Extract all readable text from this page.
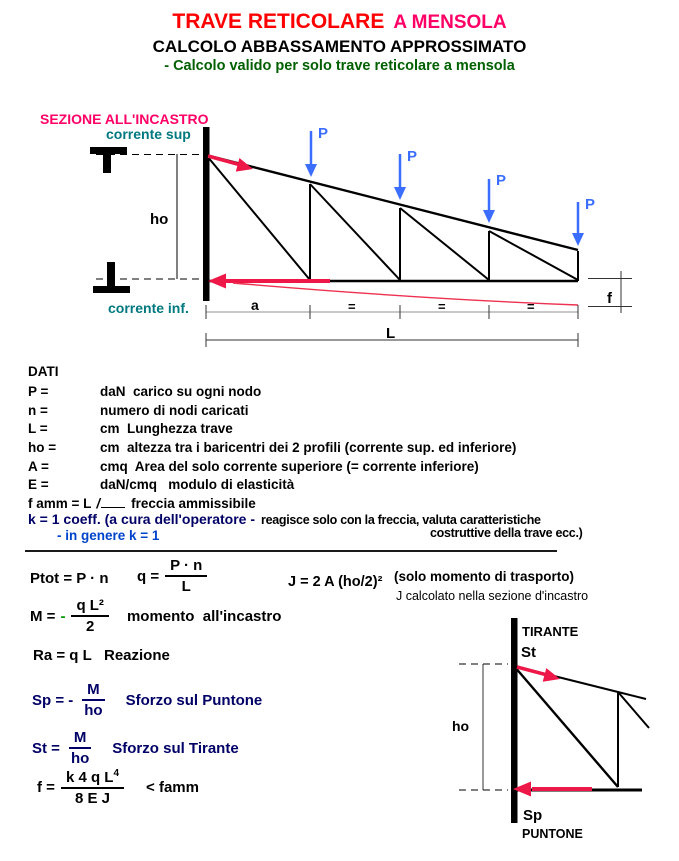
TRAVE RETICOLARE A MENSOLA
CALCOLO ABBASSAMENTO APPROSSIMATO
- Calcolo valido per solo trave reticolare a mensola
SEZIONE ALL'INCASTRO
corrente sup
ho
corrente inf.
P
P
P
P
a	=	=	=
L
f
DATI
P =	daN  carico su ogni nodo
n =	numero di nodi caricati
L =	cm  Lunghezza trave
ho =	cm  altezza tra i baricentri dei 2 profili (corrente sup. ed inferiore)
A =	cmq  Area del solo corrente superiore (= corrente inferiore)
E =	daN/cmq   modulo di elasticità
f amm = L / freccia ammissibile
k = 1 coeff. (a cura dell'operatore - reagisce solo con la freccia, valuta caratteristiche
costruttive della trave ecc.)
- in genere k = 1
Ptot = P · n $q = \frac{P \cdot n}{L}$	J = 2 A (ho/2)² (solo momento di trasporto)
J calcolato nella sezione d'incastro
M = - $\frac{\text{q L²}}{2}$ momento  all'incastro
Ra = q L   Reazione
Sp = - $\frac{M}{ho}$ Sforzo sul Puntone
$St = \frac{M}{ho}$ Sforzo sul Tirante
$f = \frac{k 4 q L^4}{\text{8 E J}}$ < famm
TIRANTE
St
ho
Sp
PUNTONE
